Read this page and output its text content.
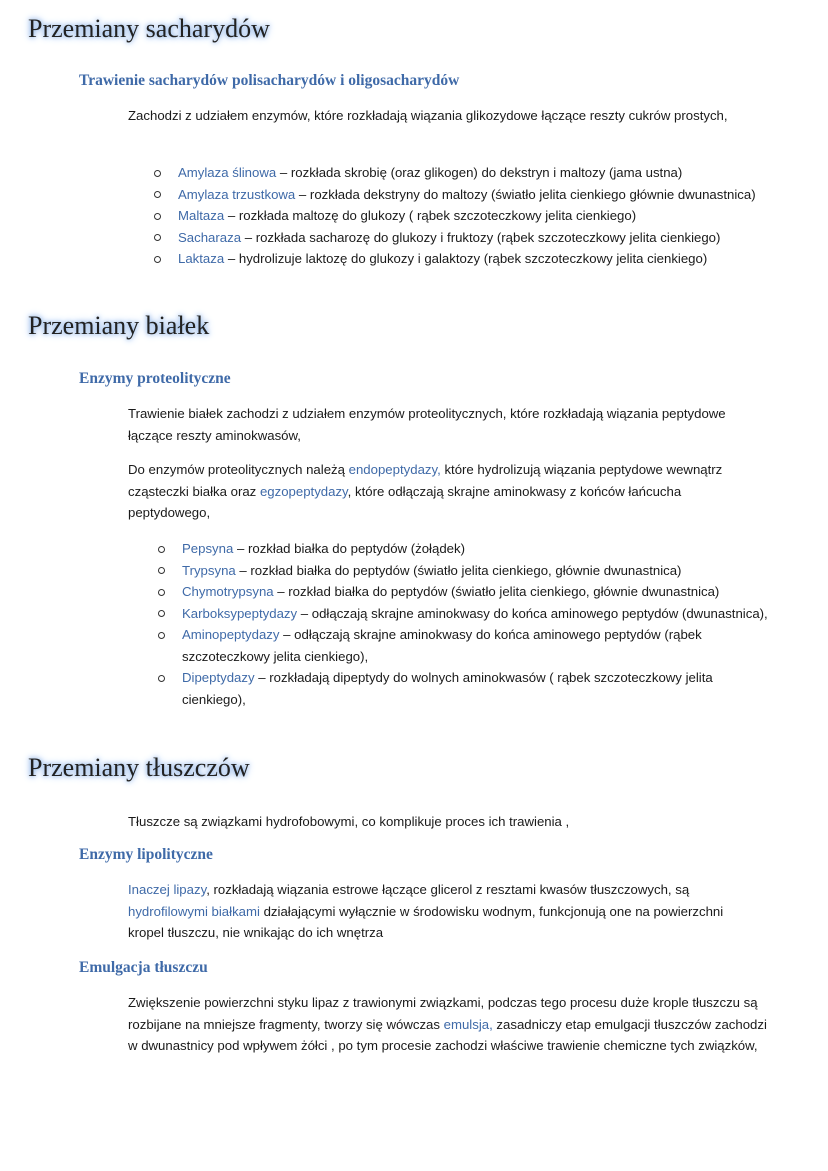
Przemiany sacharydów
Trawienie sacharydów polisacharydów i oligosacharydów

Zachodzi z udziałem enzymów, które rozkładają wiązania glikozydowe łączące reszty cukrów prostych,

Amylaza ślinowa – rozkłada skrobię (oraz glikogen) do dekstryn i maltozy (jama ustna)
Amylaza trzustkowa – rozkłada dekstryny do maltozy (światło jelita cienkiego głównie dwunastnica)
Maltaza – rozkłada maltozę do glukozy ( rąbek szczoteczkowy jelita cienkiego)
Sacharaza – rozkłada sacharozę do glukozy i fruktozy (rąbek szczoteczkowy jelita cienkiego)
Laktaza – hydrolizuje laktozę do glukozy i galaktozy (rąbek szczoteczkowy jelita cienkiego)
Przemiany białek
Enzymy proteolityczne

Trawienie białek zachodzi z udziałem enzymów proteolitycznych, które rozkładają wiązania peptydowe łączące reszty aminokwasów,

Do enzymów proteolitycznych należą endopeptydazy, które hydrolizują wiązania peptydowe wewnątrz cząsteczki białka oraz egzopeptydazy, które odłączają skrajne aminokwasy z końców łańcucha peptydowego,

Pepsyna – rozkład białka do peptydów (żołądek)
Trypsyna – rozkład białka do peptydów (światło jelita cienkiego, głównie dwunastnica)
Chymotrypsyna – rozkład białka do peptydów (światło jelita cienkiego, głównie dwunastnica)
Karboksypeptydazy – odłączają skrajne aminokwasy do końca aminowego peptydów (dwunastnica),
Aminopeptydazy – odłączają skrajne aminokwasy do końca aminowego peptydów (rąbek szczoteczkowy jelita cienkiego),
Dipeptydazy – rozkładają dipeptydy do wolnych aminokwasów ( rąbek szczoteczkowy jelita cienkiego),
Przemiany tłuszczów

Tłuszcze są związkami hydrofobowymi, co komplikuje proces ich trawienia ,

Enzymy lipolityczne

Inaczej lipazy, rozkładają wiązania estrowe łączące glicerol z resztami kwasów tłuszczowych, są hydrofilowymi białkami działającymi wyłącznie w środowisku wodnym, funkcjonują one na powierzchni kropel tłuszczu, nie wnikając do ich wnętrza

Emulgacja tłuszczu

Zwiększenie powierzchni styku lipaz z trawionymi związkami, podczas tego procesu duże krople tłuszczu są rozbijane na mniejsze fragmenty, tworzy się wówczas emulsja, zasadniczy etap emulgacji tłuszczów zachodzi w dwunastnicy pod wpływem żółci , po tym procesie zachodzi właściwe trawienie chemiczne tych związków,
